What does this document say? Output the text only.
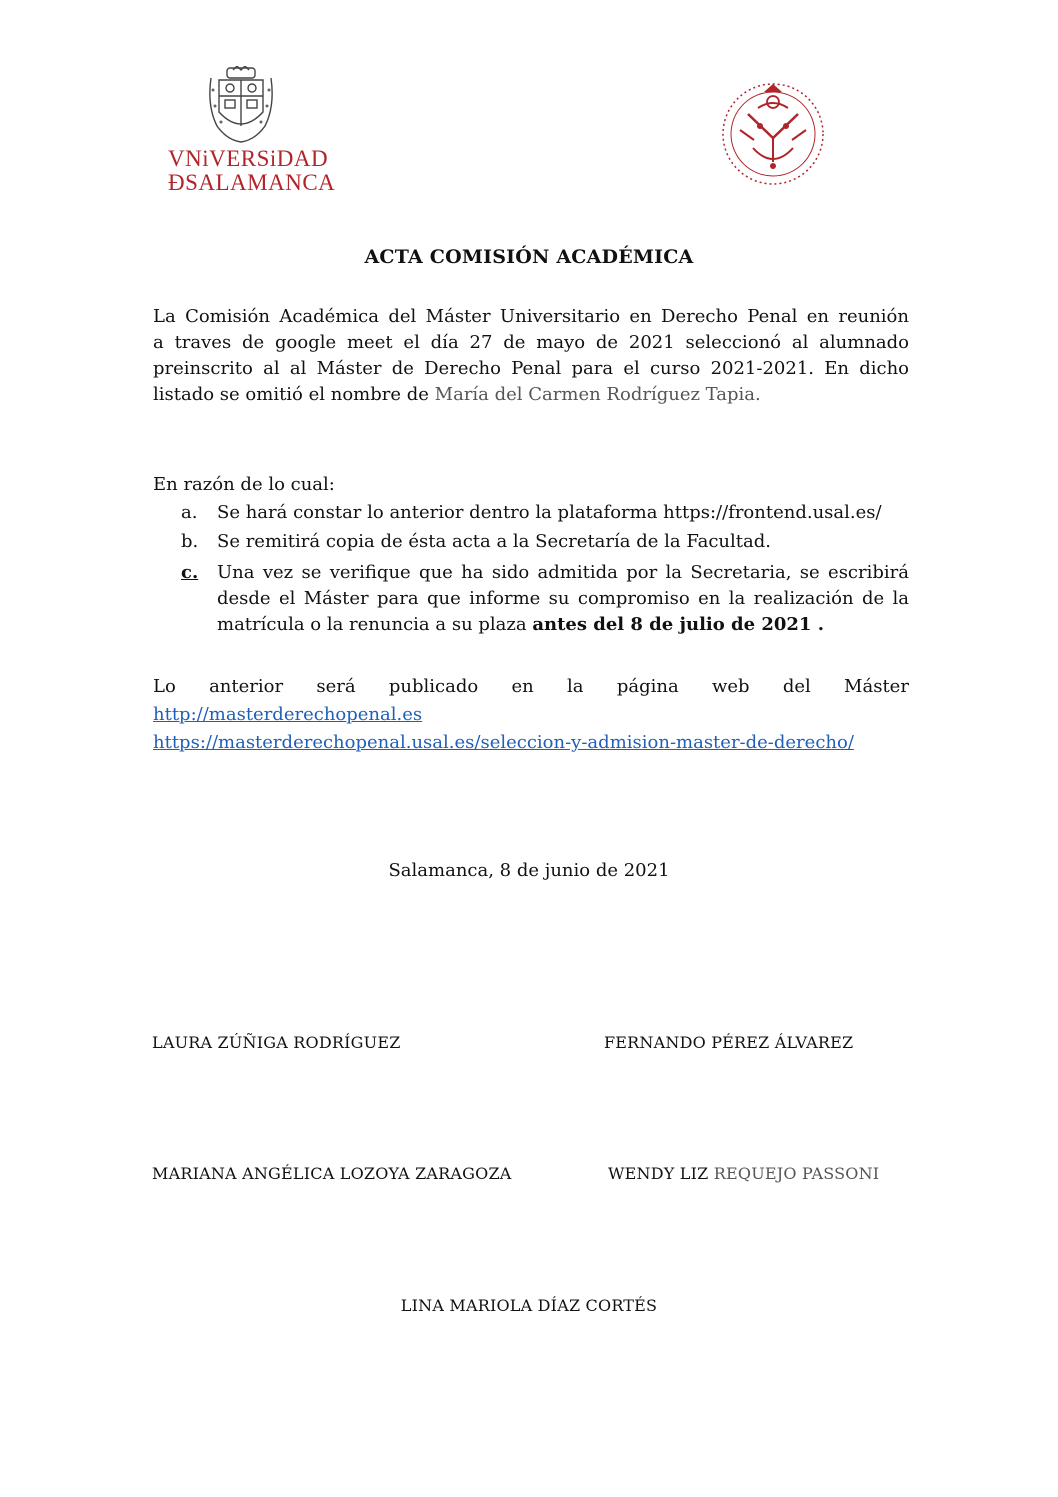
VNiVERSiDAD
ÐSALAMANCA
ACTA COMISIÓN ACADÉMICA
La Comisión Académica del Máster Universitario en Derecho Penal en reunión
a traves de google meet el día 27 de mayo de 2021 seleccionó al alumnado
preinscrito al al Máster de Derecho Penal para el curso 2021-2021. En dicho
listado se omitió el nombre de María del Carmen Rodríguez Tapia.
En razón de lo cual:
a.	Se hará constar lo anterior dentro la plataforma https://frontend.usal.es/
b.	Se remitirá copia de ésta acta a la Secretaría de la Facultad.
c.	Una vez se verifique que ha sido admitida por la Secretaria, se escribirá
desde el Máster para que informe su compromiso en la realización de la
matrícula o la renuncia a su plaza antes del 8 de julio de 2021 .
Lo anterior será publicado en la página web del Máster
http://masterderechopenal.es
https://masterderechopenal.usal.es/seleccion-y-admision-master-de-derecho/
Salamanca, 8 de junio de 2021
LAURA ZÚÑIGA RODRÍGUEZ	FERNANDO PÉREZ ÁLVAREZ
MARIANA ANGÉLICA LOZOYA ZARAGOZA	WENDY LIZ REQUEJO PASSONI
LINA MARIOLA DÍAZ CORTÉS
